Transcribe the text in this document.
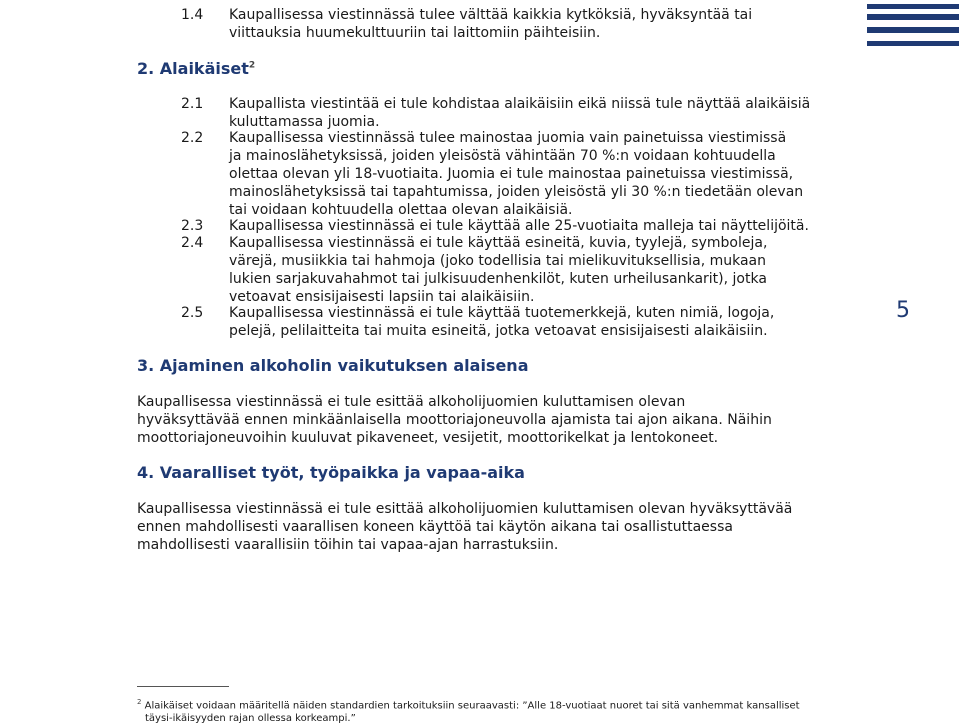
1.4 Kaupallisessa viestinnässä tulee välttää kaikkia kytköksiä, hyväksyntää tai
viittauksia huumekulttuuriin tai laittomiin päihteisiin.
2. Alaikäiset$^2$
2.1 Kaupallista viestintää ei tule kohdistaa alaikäisiin eikä niissä tule näyttää alaikäisiä
kuluttamassa juomia.
2.2 Kaupallisessa viestinnässä tulee mainostaa juomia vain painetuissa viestimissä
ja mainoslähetyksissä, joiden yleisöstä vähintään 70 %:n voidaan kohtuudella
olettaa olevan yli 18-vuotiaita. Juomia ei tule mainostaa painetuissa viestimissä,
mainoslähetyksissä tai tapahtumissa, joiden yleisöstä yli 30 %:n tiedetään olevan
tai voidaan kohtuudella olettaa olevan alaikäisiä.
2.3 Kaupallisessa viestinnässä ei tule käyttää alle 25-vuotiaita malleja tai näyttelijöitä.
2.4 Kaupallisessa viestinnässä ei tule käyttää esineitä, kuvia, tyylejä, symboleja,
värejä, musiikkia tai hahmoja (joko todellisia tai mielikuvituksellisia, mukaan
lukien sarjakuvahahmot tai julkisuudenhenkilöt, kuten urheilusankarit), jotka
vetoavat ensisijaisesti lapsiin tai alaikäisiin.
2.5 Kaupallisessa viestinnässä ei tule käyttää tuotemerkkejä, kuten nimiä, logoja,
pelejä, pelilaitteita tai muita esineitä, jotka vetoavat ensisijaisesti alaikäisiin.
5
3. Ajaminen alkoholin vaikutuksen alaisena
Kaupallisessa viestinnässä ei tule esittää alkoholijuomien kuluttamisen olevan
hyväksyttävää ennen minkäänlaisella moottoriajoneuvolla ajamista tai ajon aikana. Näihin
moottoriajoneuvoihin kuuluvat pikaveneet, vesijetit, moottorikelkat ja lentokoneet.
4. Vaaralliset työt, työpaikka ja vapaa-aika
Kaupallisessa viestinnässä ei tule esittää alkoholijuomien kuluttamisen olevan hyväksyttävää
ennen mahdollisesti vaarallisen koneen käyttöä tai käytön aikana tai osallistuttaessa
mahdollisesti vaarallisiin töihin tai vapaa-ajan harrastuksiin.
$^2$ Alaikäiset voidaan määritellä näiden standardien tarkoituksiin seuraavasti: ”Alle 18-vuotiaat nuoret tai sitä vanhemmat kansalliset
täysi-ikäisyyden rajan ollessa korkeampi.”
